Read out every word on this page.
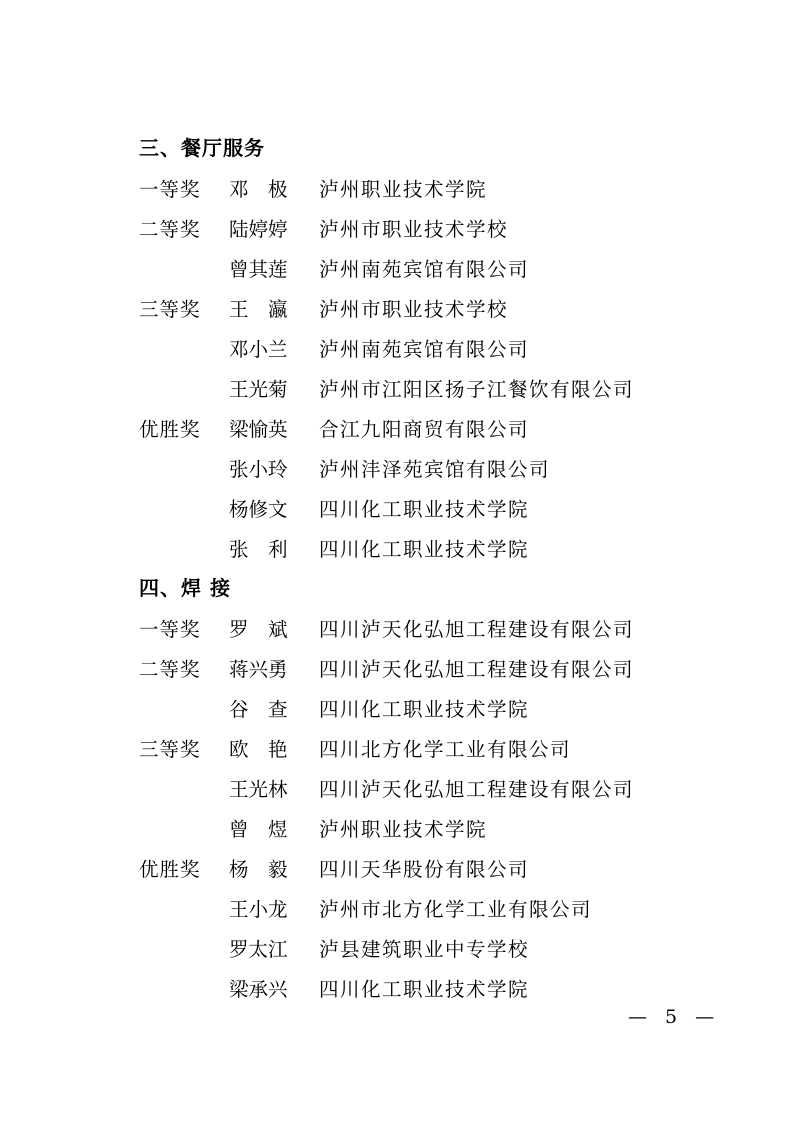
三、餐厅服务
一等奖 邓　极 泸州职业技术学院
二等奖 陆婷婷 泸州市职业技术学校
曾其莲 泸州南苑宾馆有限公司
三等奖 王　瀛 泸州市职业技术学校
邓小兰 泸州南苑宾馆有限公司
王光菊 泸州市江阳区扬子江餐饮有限公司
优胜奖 梁愉英 合江九阳商贸有限公司
张小玲 泸州沣泽苑宾馆有限公司
杨修文 四川化工职业技术学院
张　利 四川化工职业技术学院
四、焊 接
一等奖 罗　斌 四川泸天化弘旭工程建设有限公司
二等奖 蒋兴勇 四川泸天化弘旭工程建设有限公司
谷　查 四川化工职业技术学院
三等奖 欧　艳 四川北方化学工业有限公司
王光林 四川泸天化弘旭工程建设有限公司
曾　煜 泸州职业技术学院
优胜奖 杨　毅 四川天华股份有限公司
王小龙 泸州市北方化学工业有限公司
罗太江 泸县建筑职业中专学校
梁承兴 四川化工职业技术学院
— 5 —
